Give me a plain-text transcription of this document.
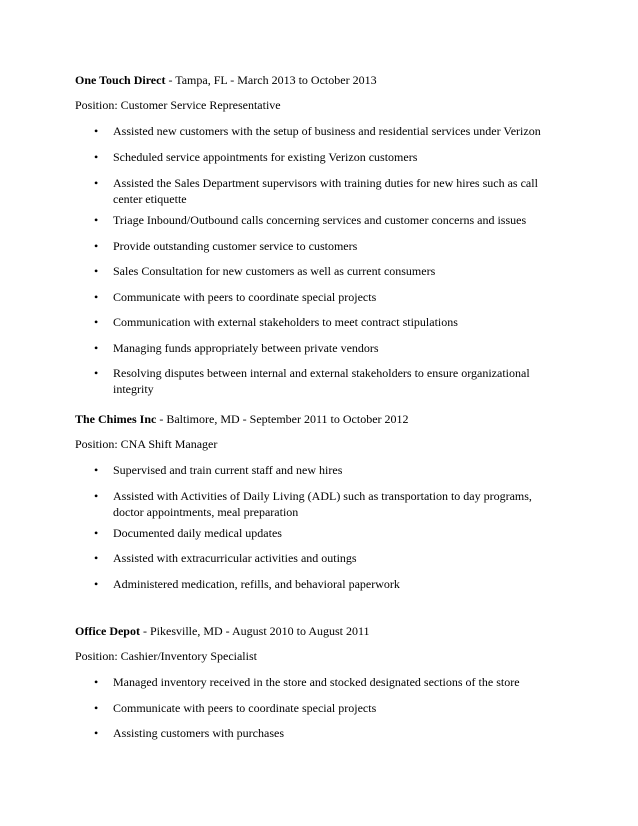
One Touch Direct - Tampa, FL - March 2013 to October 2013
Position: Customer Service Representative
•	Assisted new customers with the setup of business and residential services under Verizon
•	Scheduled service appointments for existing Verizon customers
•	Assisted the Sales Department supervisors with training duties for new hires such as call center etiquette
•	Triage Inbound/Outbound calls concerning services and customer concerns and issues
•	Provide outstanding customer service to customers
•	Sales Consultation for new customers as well as current consumers
•	Communicate with peers to coordinate special projects
•	Communication with external stakeholders to meet contract stipulations
•	Managing funds appropriately between private vendors
•	Resolving disputes between internal and external stakeholders to ensure organizational integrity
The Chimes Inc - Baltimore, MD - September 2011 to October 2012
Position: CNA Shift Manager
•	Supervised and train current staff and new hires
•	Assisted with Activities of Daily Living (ADL) such as transportation to day programs, doctor appointments, meal preparation
•	Documented daily medical updates
•	Assisted with extracurricular activities and outings
•	Administered medication, refills, and behavioral paperwork
Office Depot - Pikesville, MD - August 2010 to August 2011
Position: Cashier/Inventory Specialist
•	Managed inventory received in the store and stocked designated sections of the store
•	Communicate with peers to coordinate special projects
•	Assisting customers with purchases
